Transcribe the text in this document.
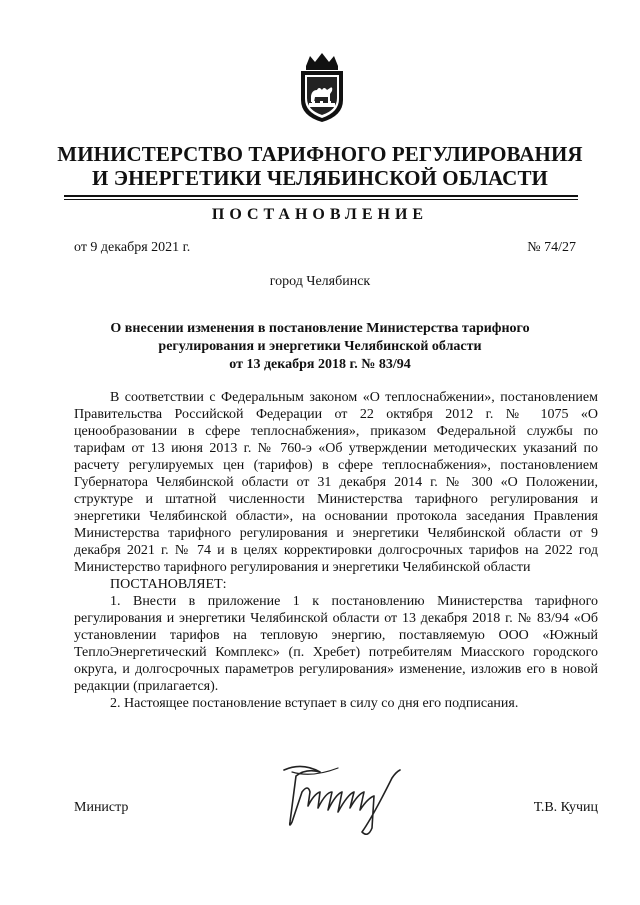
МИНИСТЕРСТВО ТАРИФНОГО РЕГУЛИРОВАНИЯ
И ЭНЕРГЕТИКИ ЧЕЛЯБИНСКОЙ ОБЛАСТИ
ПОСТАНОВЛЕНИЕ
от 9 декабря 2021 г.	№ 74/27
город Челябинск
О внесении изменения в постановление Министерства тарифного
регулирования и энергетики Челябинской области
от 13 декабря 2018 г. № 83/94

В соответствии с Федеральным законом «О теплоснабжении», постановлением Правительства Российской Федерации от 22 октября 2012 г. № 1075 «О ценообразовании в сфере теплоснабжения», приказом Федеральной службы по тарифам от 13 июня 2013 г. № 760-э «Об утверждении методических указаний по расчету регулируемых цен (тарифов) в сфере теплоснабжения», постановлением Губернатора Челябинской области от 31 декабря 2014 г. № 300 «О Положении, структуре и штатной численности Министерства тарифного регулирования и энергетики Челябинской области», на основании протокола заседания Правления Министерства тарифного регулирования и энергетики Челябинской области от 9 декабря 2021 г. № 74 и в целях корректировки долгосрочных тарифов на 2022 год Министерство тарифного регулирования и энергетики Челябинской области

ПОСТАНОВЛЯЕТ:

1. Внести в приложение 1 к постановлению Министерства тарифного регулирования и энергетики Челябинской области от 13 декабря 2018 г. № 83/94 «Об установлении тарифов на тепловую энергию, поставляемую ООО «Южный ТеплоЭнергетический Комплекс» (п. Хребет) потребителям Миасского городского округа, и долгосрочных параметров регулирования» изменение, изложив его в новой редакции (прилагается).

2. Настоящее постановление вступает в силу со дня его подписания.

Министр	Т.В. Кучиц
